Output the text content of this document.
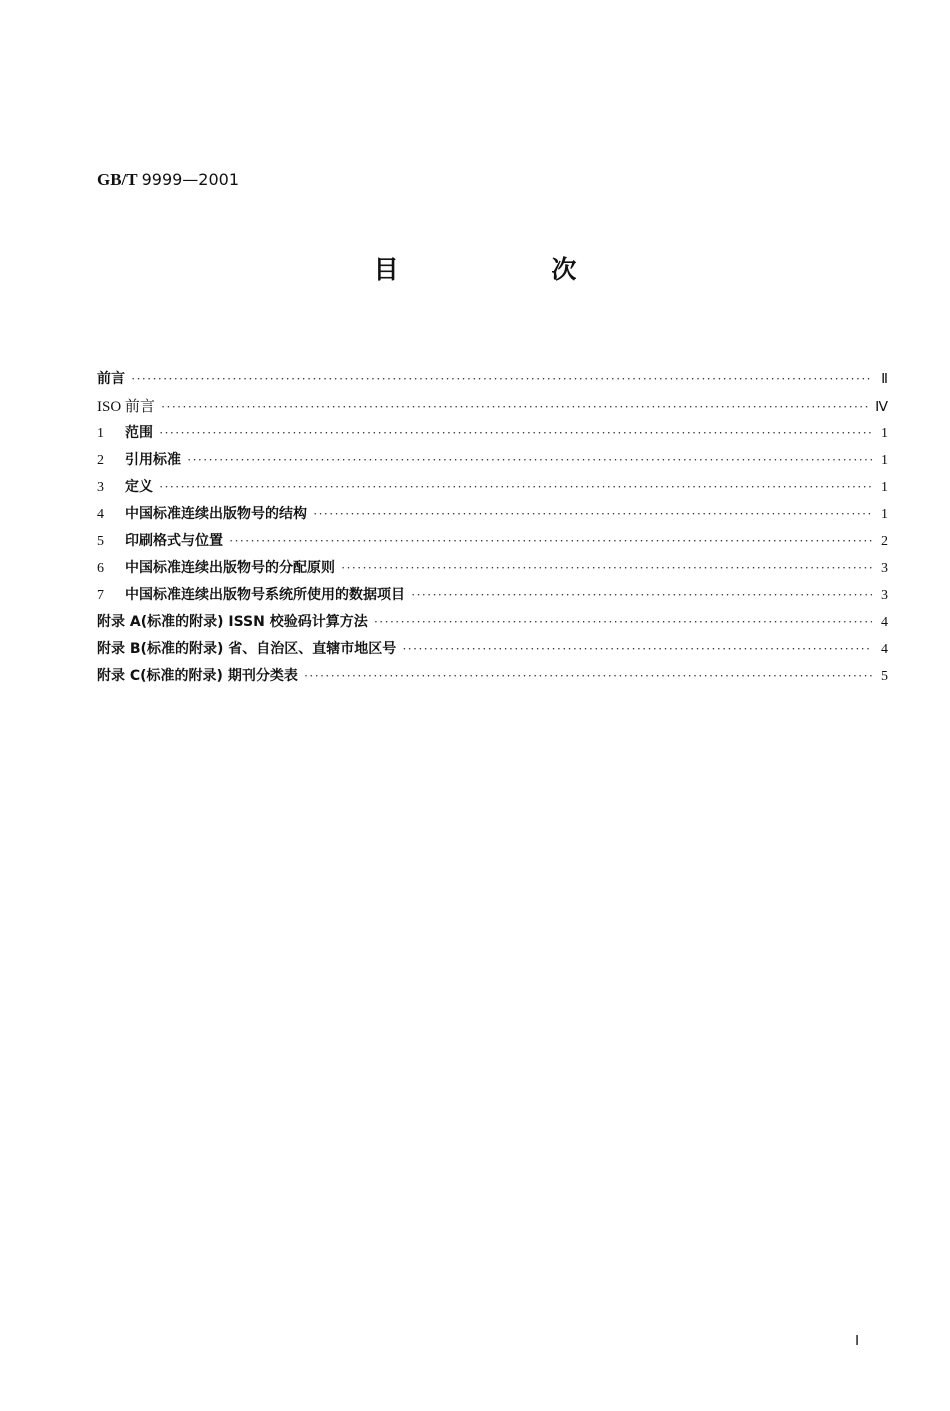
GB/T 9999—2001
目 次
前言 ·····	Ⅱ
ISO 前言 ·····	Ⅳ
1	范围 ·····	1
2	引用标准 ·····	1
3	定义 ·····	1
4	中国标准连续出版物号的结构 ·····	1
5	印刷格式与位置 ·····	2
6	中国标准连续出版物号的分配原则 ·····	3
7	中国标准连续出版物号系统所使用的数据项目 ·····	3
附录 A(标准的附录) ISSN 校验码计算方法 ·····	4
附录 B(标准的附录) 省、自治区、直辖市地区号 ·····	4
附录 C(标准的附录) 期刊分类表 ·····	5
Ⅰ
